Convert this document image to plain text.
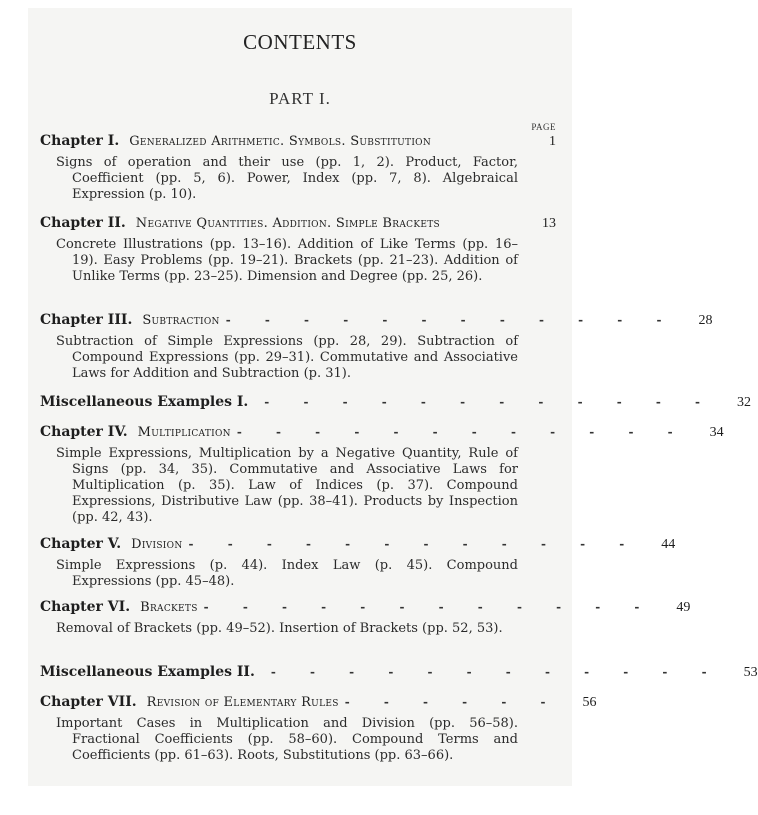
CONTENTS
PART I.
PAGE
Chapter I. Generalized Arithmetic. Symbols. Substitution	1
Signs of operation and their use (pp. 1, 2). Product, Factor, Coefficient (pp. 5, 6). Power, Index (pp. 7, 8). Algebraical Expression (p. 10).
Chapter II. Negative Quantities. Addition. Simple Brackets	13
Concrete Illustrations (pp. 13–16). Addition of Like Terms (pp. 16–19). Easy Problems (pp. 19–21). Brackets (pp. 21–23). Addition of Unlike Terms (pp. 23–25). Dimension and Degree (pp. 25, 26).
Chapter III. Subtraction - - - - - - - - - - - -	28
Subtraction of Simple Expressions (pp. 28, 29). Subtraction of Compound Expressions (pp. 29–31). Commutative and Associative Laws for Addition and Subtraction (p. 31).
Miscellaneous Examples I.	- - - - - - - - - - - -	32
Chapter IV. Multiplication - - - - - - - - - - - -	34
Simple Expressions, Multiplication by a Negative Quantity, Rule of Signs (pp. 34, 35). Commutative and Associative Laws for Multiplication (p. 35). Law of Indices (p. 37). Compound Expressions, Distributive Law (pp. 38–41). Products by Inspection (pp. 42, 43).
Chapter V. Division - - - - - - - - - - - -	44
Simple Expressions (p. 44). Index Law (p. 45). Compound Expressions (pp. 45–48).
Chapter VI. Brackets - - - - - - - - - - - -	49
Removal of Brackets (pp. 49–52). Insertion of Brackets (pp. 52, 53).
Miscellaneous Examples II.	- - - - - - - - - - - -	53
Chapter VII. Revision of Elementary Rules - - - - - -	56
Important Cases in Multiplication and Division (pp. 56–58). Fractional Coefficients (pp. 58–60). Compound Terms and Coefficients (pp. 61–63). Roots, Substitutions (pp. 63–66).
